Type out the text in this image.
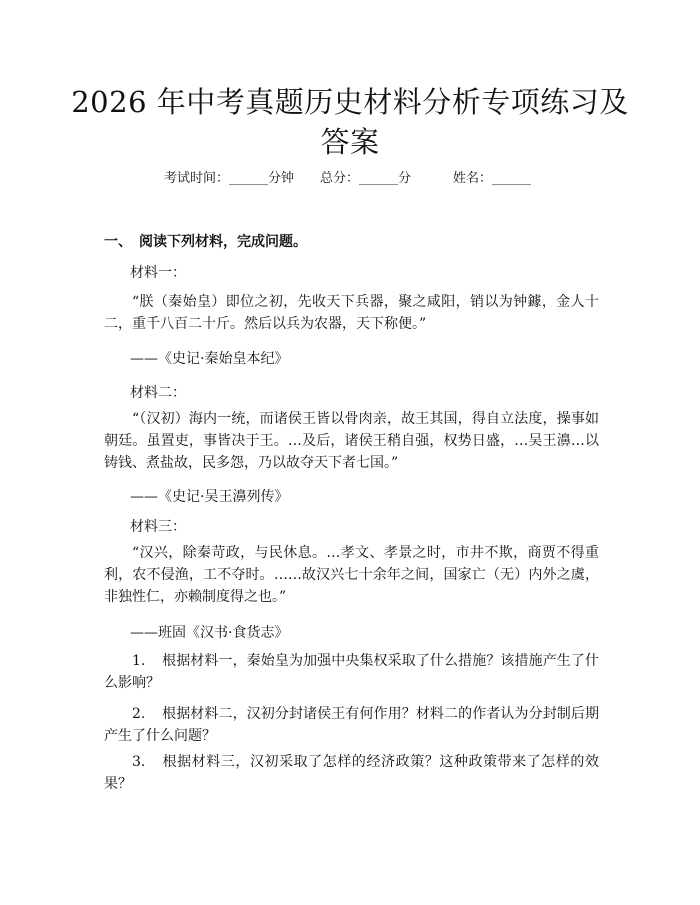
2026 年中考真题历史材料分析专项练习及答案
考试时间：______分钟 总分：______分	姓名：______
一、 阅读下列材料，完成问题。
材料一：
“朕（秦始皇）即位之初，先收天下兵器，聚之咸阳，销以为钟鐻，金人十二，重千八百二十斤。然后以兵为农器，天下称便。”
——《史记·秦始皇本纪》
材料二：
“（汉初）海内一统，而诸侯王皆以骨肉亲，故王其国，得自立法度，操事如朝廷。虽置吏，事皆决于王。…及后，诸侯王稍自强，权势日盛，…吴王濞…以铸钱、煮盐故，民多怨，乃以故夺天下者七国。”
——《史记·吴王濞列传》
材料三：
“汉兴，除秦苛政，与民休息。…孝文、孝景之时，市井不欺，商贾不得重利，农不侵渔，工不夺时。……故汉兴七十余年之间，国家亡（无）内外之虞，非独性仁，亦赖制度得之也。”
——班固《汉书·食货志》
1. 根据材料一，秦始皇为加强中央集权采取了什么措施？该措施产生了什么影响？
2. 根据材料二，汉初分封诸侯王有何作用？材料二的作者认为分封制后期产生了什么问题？
3. 根据材料三，汉初采取了怎样的经济政策？这种政策带来了怎样的效果？
